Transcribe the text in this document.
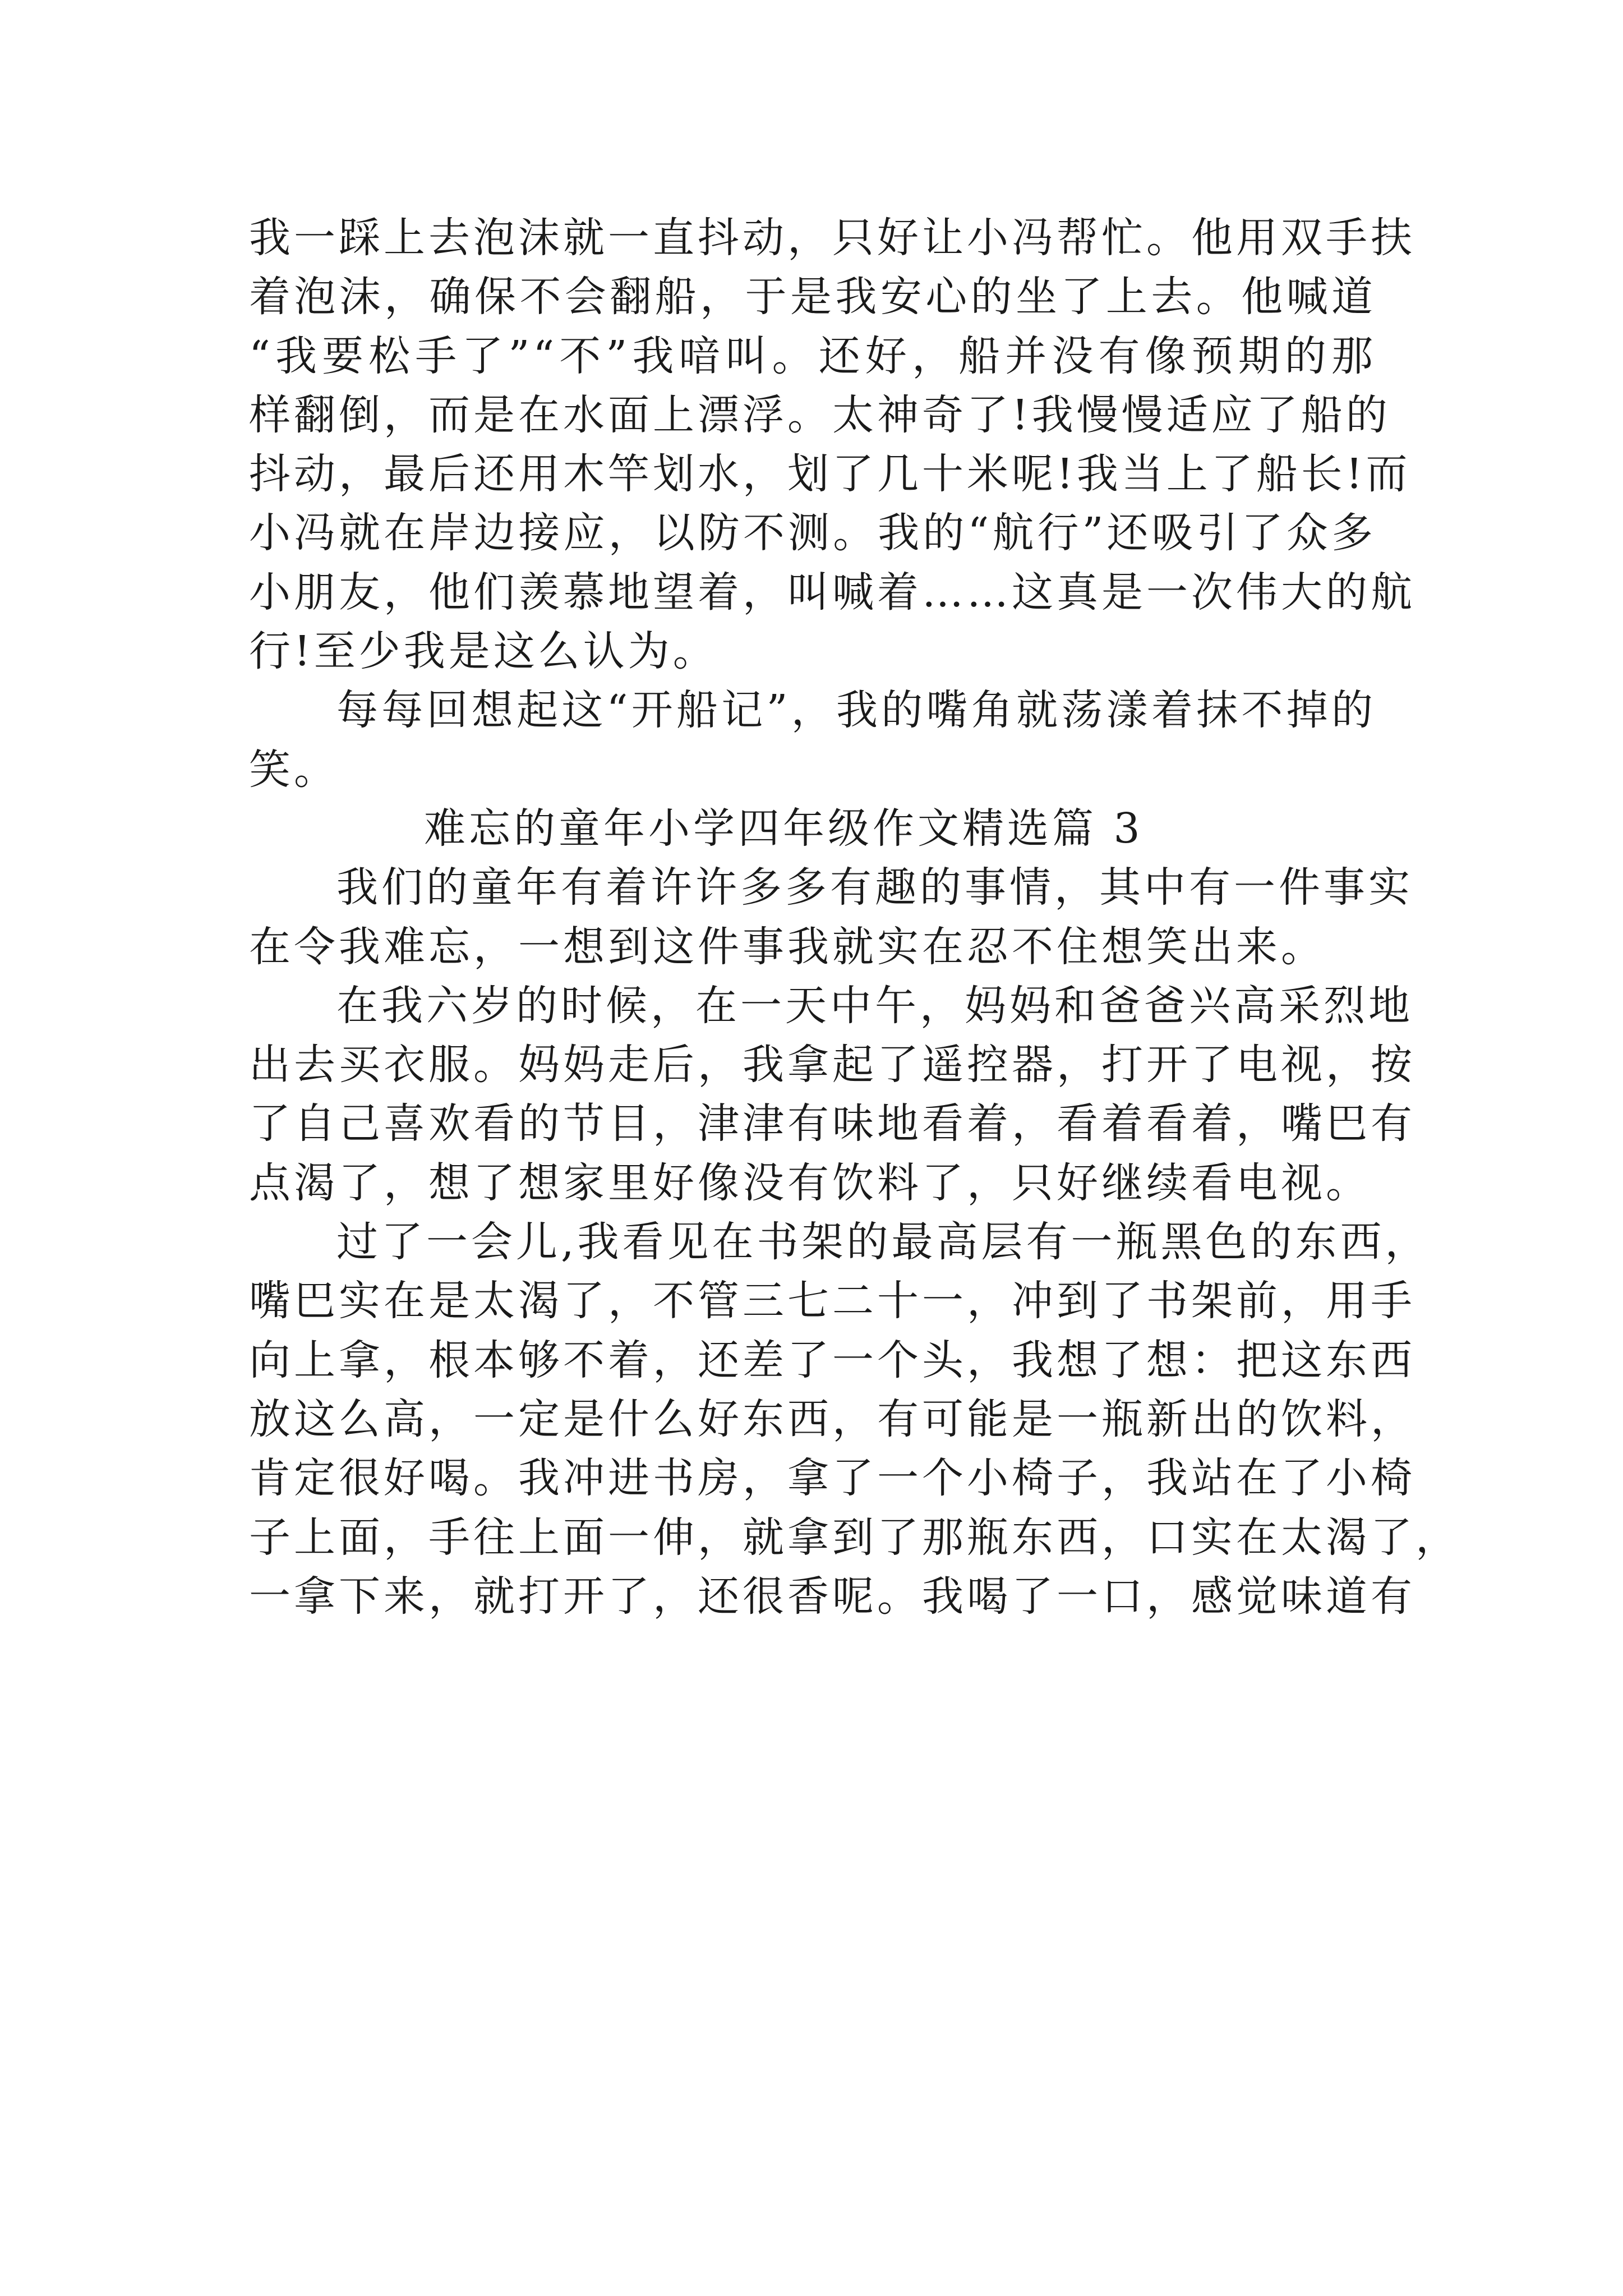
我一踩上去泡沫就一直抖动，只好让小冯帮忙。他用双手扶
着泡沫，确保不会翻船，于是我安心的坐了上去。他喊道
“我要松手了”“不”我喑叫。还好，船并没有像预期的那
样翻倒，而是在水面上漂浮。太神奇了!我慢慢适应了船的
抖动，最后还用木竿划水，划了几十米呢!我当上了船长!而
小冯就在岸边接应，以防不测。我的“航行”还吸引了众多
小朋友，他们羡慕地望着，叫喊着……这真是一次伟大的航
行!至少我是这么认为。
每每回想起这“开船记”，我的嘴角就荡漾着抹不掉的
笑。
难忘的童年小学四年级作文精选篇 3
我们的童年有着许许多多有趣的事情，其中有一件事实
在令我难忘，一想到这件事我就实在忍不住想笑出来。
在我六岁的时候，在一天中午，妈妈和爸爸兴高采烈地
出去买衣服。妈妈走后，我拿起了遥控器，打开了电视，按
了自己喜欢看的节目，津津有味地看着，看着看着，嘴巴有
点渴了，想了想家里好像没有饮料了，只好继续看电视。
过了一会儿,我看见在书架的最高层有一瓶黑色的东西，
嘴巴实在是太渴了，不管三七二十一，冲到了书架前，用手
向上拿，根本够不着，还差了一个头，我想了想：把这东西
放这么高，一定是什么好东西，有可能是一瓶新出的饮料，
肯定很好喝。我冲进书房，拿了一个小椅子，我站在了小椅
子上面，手往上面一伸，就拿到了那瓶东西，口实在太渴了，
一拿下来，就打开了，还很香呢。我喝了一口，感觉味道有
